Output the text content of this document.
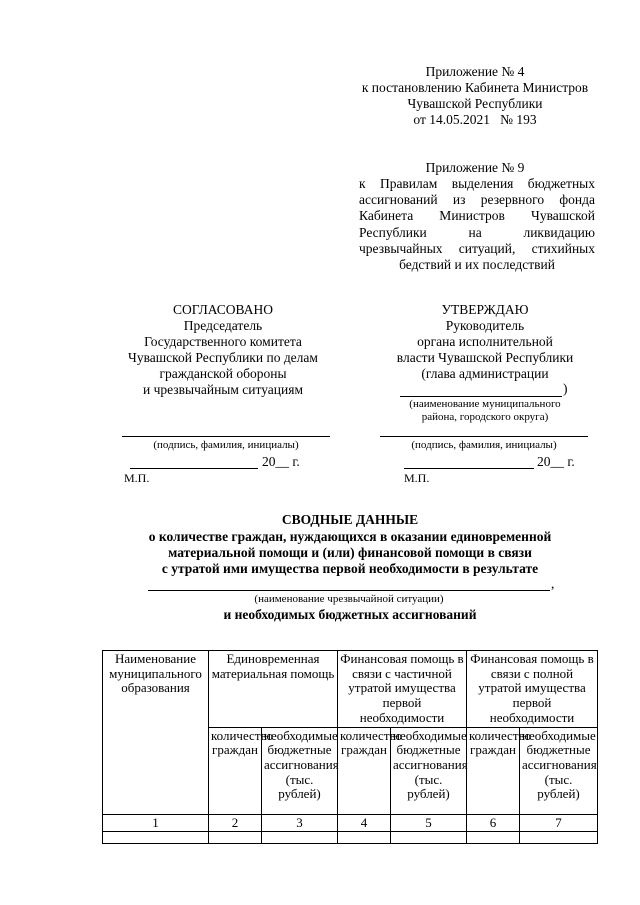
Приложение № 4
к постановлению Кабинета Министров
Чувашской Республики
от 14.05.2021   № 193
Приложение № 9
к Правилам выделения бюджетных ассигнований из резервного фонда Кабинета Министров Чувашской Республики на ликвидацию чрезвычайных ситуаций, стихийных бедствий и их последствий
СОГЛАСОВАНО
Председатель
Государственного комитета
Чувашской Республики по делам
гражданской обороны
и чрезвычайным ситуациям
(подпись, фамилия, инициалы)
20__ г.
М.П.
УТВЕРЖДАЮ
Руководитель
органа исполнительной
власти Чувашской Республики
(глава администрации
)
(наименование муниципального
района, городского округа)
(подпись, фамилия, инициалы)
20__ г.
М.П.
СВОДНЫЕ ДАННЫЕ
о количестве граждан, нуждающихся в оказании единовременной
материальной помощи и (или) финансовой помощи в связи
с утратой ими имущества первой необходимости в результате
,
(наименование чрезвычайной ситуации)
и необходимых бюджетных ассигнований
Наименование муниципального образования	Единовременная материальная помощь		Финансовая помощь в связи с частичной утратой имущества первой необходимости		Финансовая помощь в связи с полной утратой имущества первой необходимости	
	количество граждан	необходимые бюджетные ассигнования (тыс. рублей)	количество граждан	необходимые бюджетные ассигнования (тыс. рублей)	количество граждан	необходимые бюджетные ассигнования (тыс. рублей)
1	2	3	4	5	6	7
